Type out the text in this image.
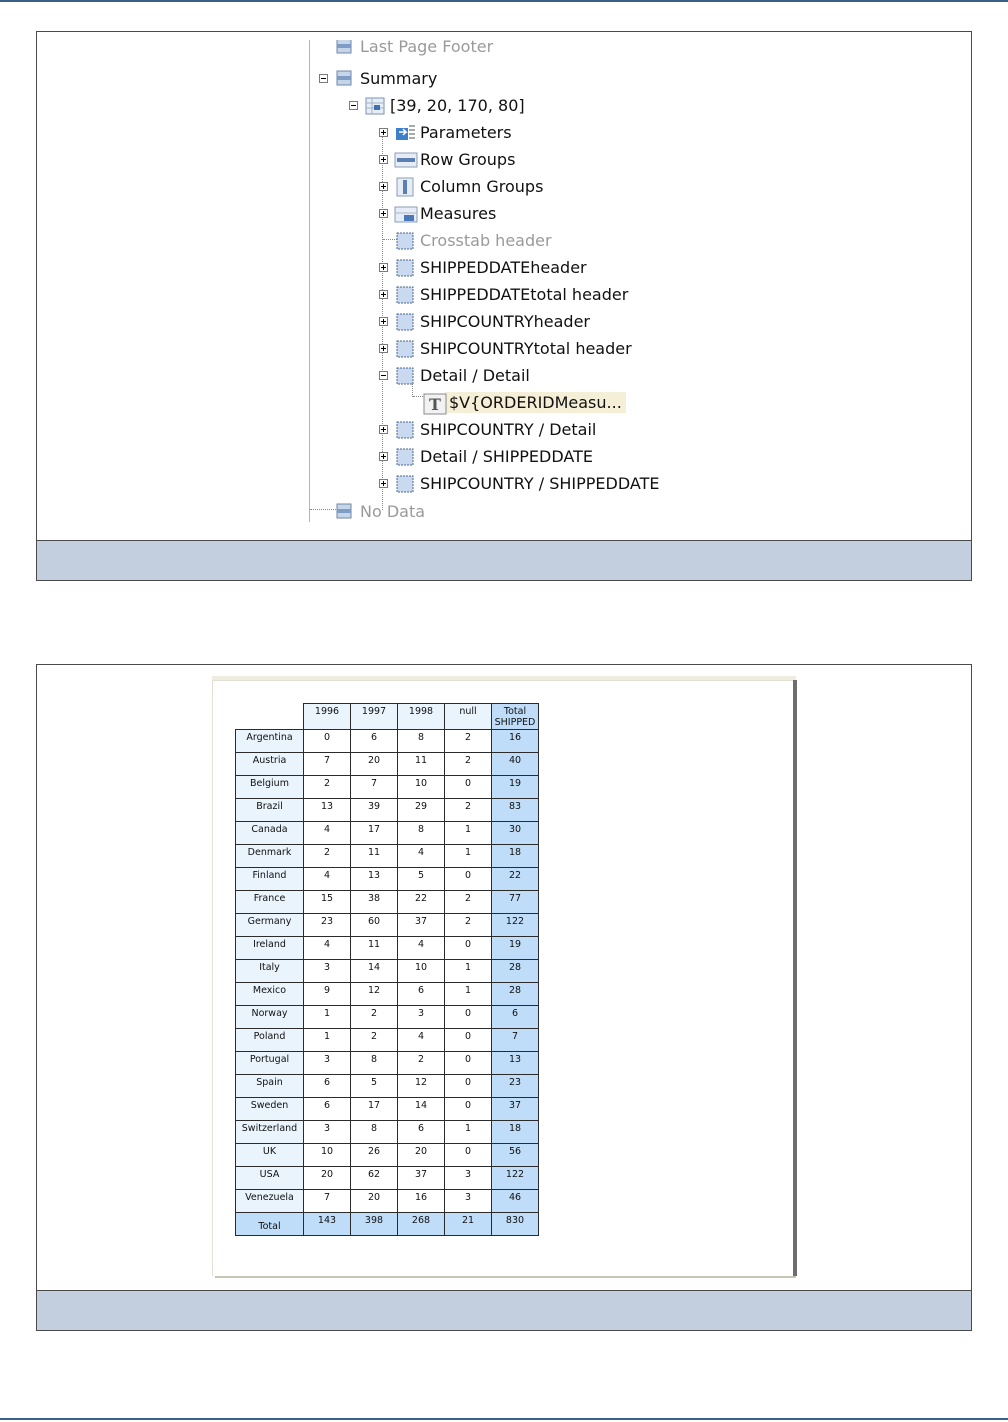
Last Page Footer
Summary
[39, 20, 170, 80]
Parameters
Row Groups
Column Groups
Measures
Crosstab header
SHIPPEDDATEheader
SHIPPEDDATEtotal header
SHIPCOUNTRYheader
SHIPCOUNTRYtotal header
Detail / Detail
T $V{ORDERIDMeasu...
SHIPCOUNTRY / Detail
Detail / SHIPPEDDATE
SHIPCOUNTRY / SHIPPEDDATE
No Data
	1996	1997	1998	null	Total SHIPPED
Argentina	0	6	8	2	16
Austria	7	20	11	2	40
Belgium	2	7	10	0	19
Brazil	13	39	29	2	83
Canada	4	17	8	1	30
Denmark	2	11	4	1	18
Finland	4	13	5	0	22
France	15	38	22	2	77
Germany	23	60	37	2	122
Ireland	4	11	4	0	19
Italy	3	14	10	1	28
Mexico	9	12	6	1	28
Norway	1	2	3	0	6
Poland	1	2	4	0	7
Portugal	3	8	2	0	13
Spain	6	5	12	0	23
Sweden	6	17	14	0	37
Switzerland	3	8	6	1	18
UK	10	26	20	0	56
USA	20	62	37	3	122
Venezuela	7	20	16	3	46
Total	143	398	268	21	830
